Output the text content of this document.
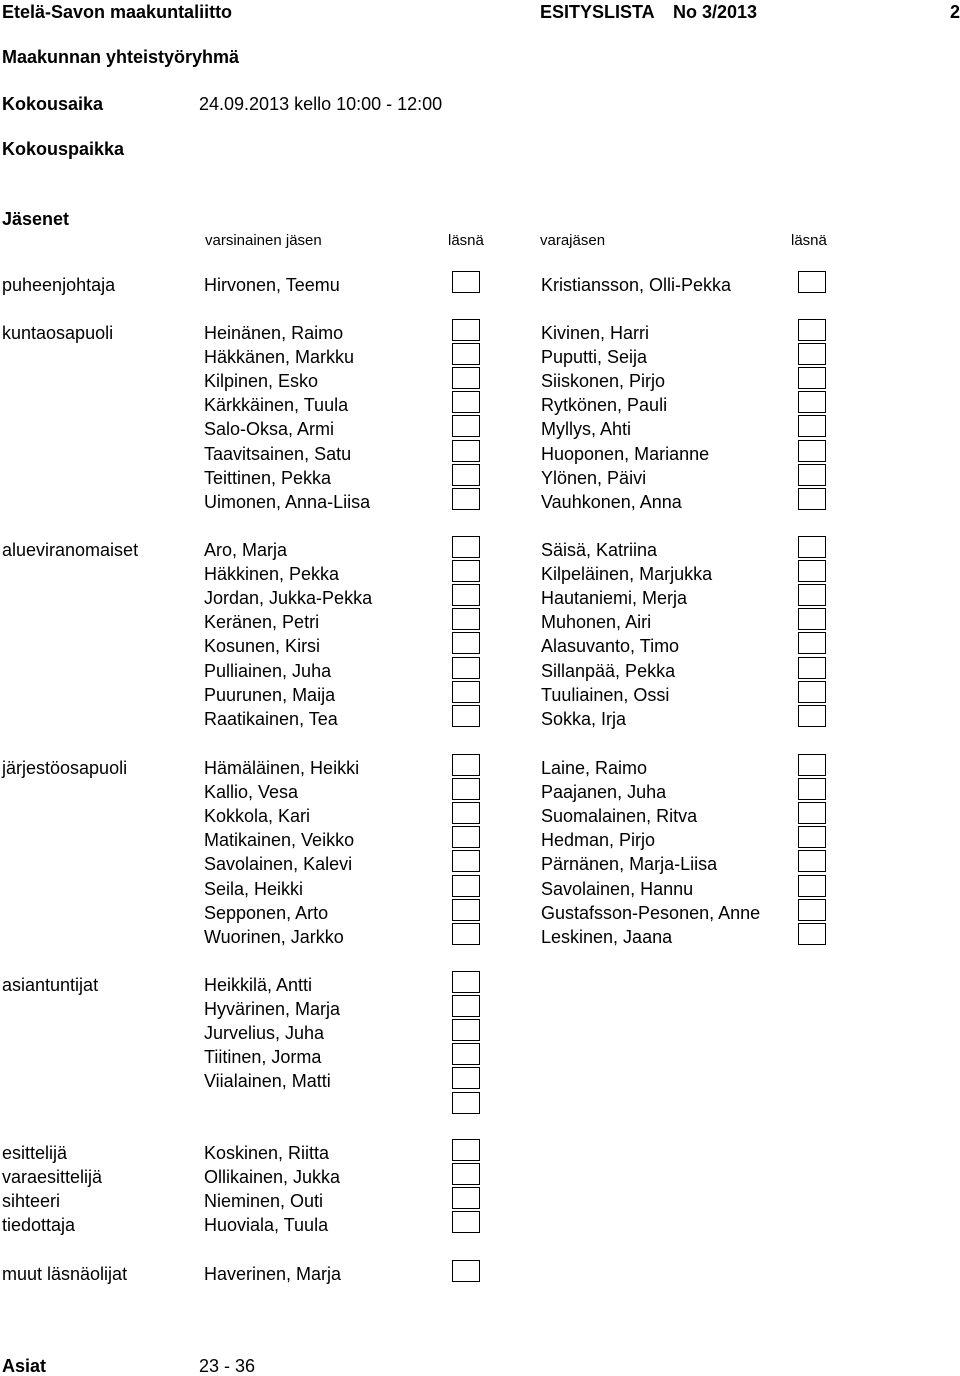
Etelä-Savon maakuntaliitto	ESITYSLISTA No 3/2013	2
Maakunnan yhteistyöryhmä
Kokousaika	24.09.2013 kello 10:00 - 12:00
Kokouspaikka
Jäsenet
varsinainen jäsen	läsnä	varajäsen	läsnä
puheenjohtaja	Hirvonen, Teemu	Kristiansson, Olli-Pekka
kuntaosapuoli	Heinänen, Raimo	Kivinen, Harri
Häkkänen, Markku	Puputti, Seija
Kilpinen, Esko	Siiskonen, Pirjo
Kärkkäinen, Tuula	Rytkönen, Pauli
Salo-Oksa, Armi	Myllys, Ahti
Taavitsainen, Satu	Huoponen, Marianne
Teittinen, Pekka	Ylönen, Päivi
Uimonen, Anna-Liisa	Vauhkonen, Anna
alueviranomaiset	Aro, Marja	Säisä, Katriina
Häkkinen, Pekka	Kilpeläinen, Marjukka
Jordan, Jukka-Pekka	Hautaniemi, Merja
Keränen, Petri	Muhonen, Airi
Kosunen, Kirsi	Alasuvanto, Timo
Pulliainen, Juha	Sillanpää, Pekka
Puurunen, Maija	Tuuliainen, Ossi
Raatikainen, Tea	Sokka, Irja
järjestöosapuoli	Hämäläinen, Heikki	Laine, Raimo
Kallio, Vesa	Paajanen, Juha
Kokkola, Kari	Suomalainen, Ritva
Matikainen, Veikko	Hedman, Pirjo
Savolainen, Kalevi	Pärnänen, Marja-Liisa
Seila, Heikki	Savolainen, Hannu
Sepponen, Arto	Gustafsson-Pesonen, Anne
Wuorinen, Jarkko	Leskinen, Jaana
asiantuntijat	Heikkilä, Antti
Hyvärinen, Marja
Jurvelius, Juha
Tiitinen, Jorma
Viialainen, Matti
esittelijä	Koskinen, Riitta
varaesittelijä	Ollikainen, Jukka
sihteeri	Nieminen, Outi
tiedottaja	Huoviala, Tuula
muut läsnäolijat	Haverinen, Marja
Asiat	23 - 36
